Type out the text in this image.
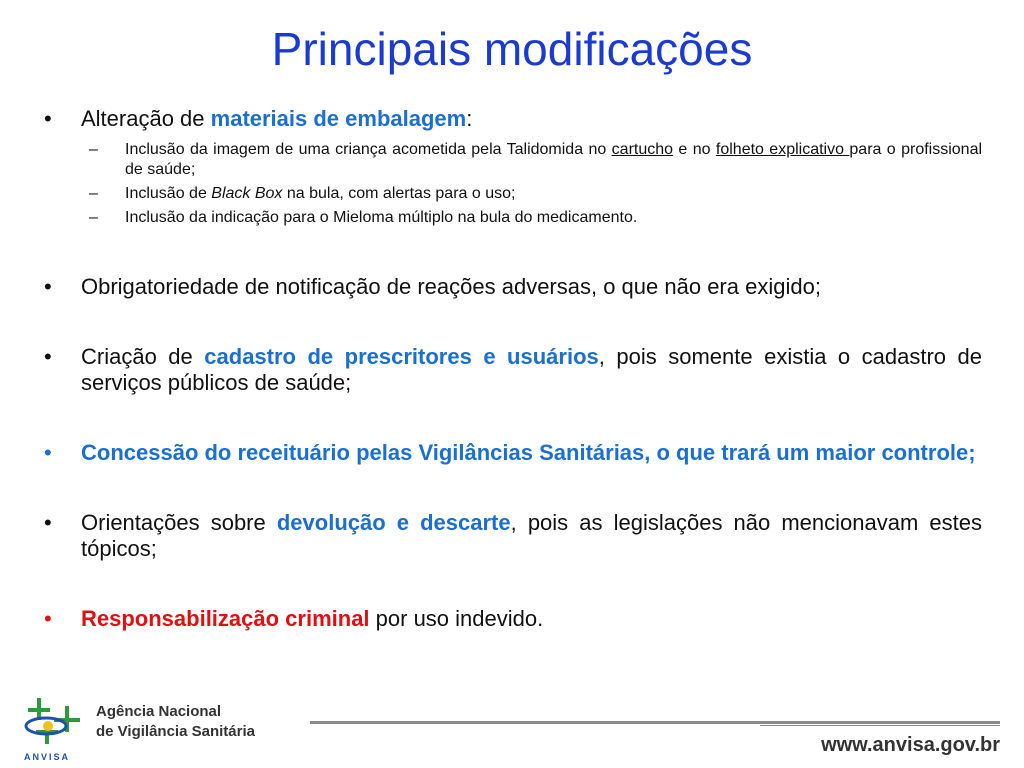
Principais modificações
•	Alteração de materiais de embalagem:
–	Inclusão da imagem de uma criança acometida pela Talidomida no cartucho e no folheto explicativo para o profissional de saúde;
–	Inclusão de Black Box na bula, com alertas para o uso;
–	Inclusão da indicação para o Mieloma múltiplo na bula do medicamento.
•	Obrigatoriedade de notificação de reações adversas, o que não era exigido;
•	Criação de cadastro de prescritores e usuários, pois somente existia o cadastro de serviços públicos de saúde;
•	Concessão do receituário pelas Vigilâncias Sanitárias, o que trará um maior controle;
•	Orientações sobre devolução e descarte, pois as legislações não mencionavam estes tópicos;
•	Responsabilização criminal por uso indevido.
ANVISA
Agência Nacional
de Vigilância Sanitária
www.anvisa.gov.br
